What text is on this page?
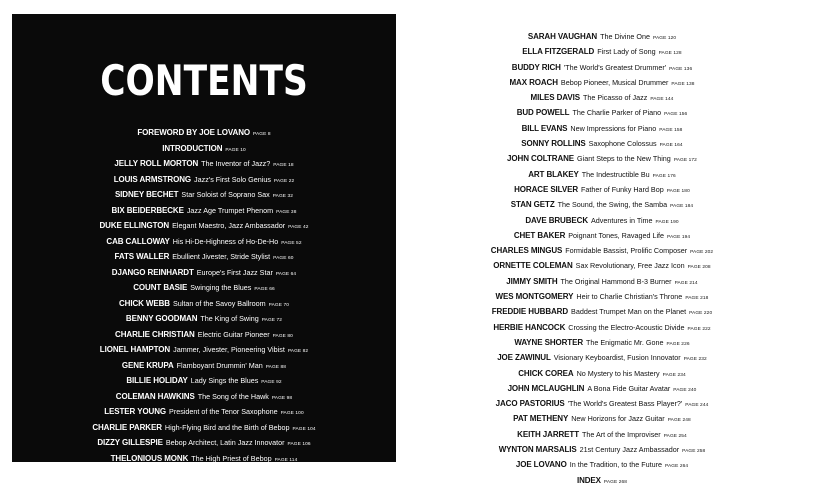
CONTENTS
FOREWORD BY JOE LOVANO PAGE 8
INTRODUCTION PAGE 10
JELLY ROLL MORTON The Inventor of Jazz? PAGE 18
LOUIS ARMSTRONG Jazz's First Solo Genius PAGE 22
SIDNEY BECHET Star Soloist of Soprano Sax PAGE 32
BIX BEIDERBECKE Jazz Age Trumpet Phenom PAGE 38
DUKE ELLINGTON Elegant Maestro, Jazz Ambassador PAGE 42
CAB CALLOWAY His Hi-De-Highness of Ho-De-Ho PAGE 52
FATS WALLER Ebullient Jivester, Stride Stylist PAGE 60
DJANGO REINHARDT Europe's First Jazz Star PAGE 64
COUNT BASIE Swinging the Blues PAGE 66
CHICK WEBB Sultan of the Savoy Ballroom PAGE 70
BENNY GOODMAN The King of Swing PAGE 72
CHARLIE CHRISTIAN Electric Guitar Pioneer PAGE 80
LIONEL HAMPTON Jammer, Jivester, Pioneering Vibist PAGE 82
GENE KRUPA Flamboyant Drummin' Man PAGE 88
BILLIE HOLIDAY Lady Sings the Blues PAGE 92
COLEMAN HAWKINS The Song of the Hawk PAGE 98
LESTER YOUNG President of the Tenor Saxophone PAGE 100
CHARLIE PARKER High-Flying Bird and the Birth of Bebop PAGE 104
DIZZY GILLESPIE Bebop Architect, Latin Jazz Innovator PAGE 106
THELONIOUS MONK The High Priest of Bebop PAGE 114
ART TATUM Virtuoso of the Highest Order PAGE 118
SARAH VAUGHAN The Divine One PAGE 120
ELLA FITZGERALD First Lady of Song PAGE 128
BUDDY RICH 'The World's Greatest Drummer' PAGE 136
MAX ROACH Bebop Pioneer, Musical Drummer PAGE 138
MILES DAVIS The Picasso of Jazz PAGE 144
BUD POWELL The Charlie Parker of Piano PAGE 156
BILL EVANS New Impressions for Piano PAGE 158
SONNY ROLLINS Saxophone Colossus PAGE 164
JOHN COLTRANE Giant Steps to the New Thing PAGE 172
ART BLAKEY The Indestructible Bu PAGE 176
HORACE SILVER Father of Funky Hard Bop PAGE 180
STAN GETZ The Sound, the Swing, the Samba PAGE 184
DAVE BRUBECK Adventures in Time PAGE 190
CHET BAKER Poignant Tones, Ravaged Life PAGE 194
CHARLES MINGUS Formidable Bassist, Prolific Composer PAGE 202
ORNETTE COLEMAN Sax Revolutionary, Free Jazz Icon PAGE 208
JIMMY SMITH The Original Hammond B-3 Burner PAGE 214
WES MONTGOMERY Heir to Charlie Christian's Throne PAGE 218
FREDDIE HUBBARD Baddest Trumpet Man on the Planet PAGE 220
HERBIE HANCOCK Crossing the Electro-Acoustic Divide PAGE 222
WAYNE SHORTER The Enigmatic Mr. Gone PAGE 226
JOE ZAWINUL Visionary Keyboardist, Fusion Innovator PAGE 232
CHICK COREA No Mystery to his Mastery PAGE 234
JOHN MCLAUGHLIN A Bona Fide Guitar Avatar PAGE 240
JACO PASTORIUS 'The World's Greatest Bass Player?' PAGE 244
PAT METHENY New Horizons for Jazz Guitar PAGE 248
KEITH JARRETT The Art of the Improviser PAGE 254
WYNTON MARSALIS 21st Century Jazz Ambassador PAGE 258
JOE LOVANO In the Tradition, to the Future PAGE 264
INDEX PAGE 268
